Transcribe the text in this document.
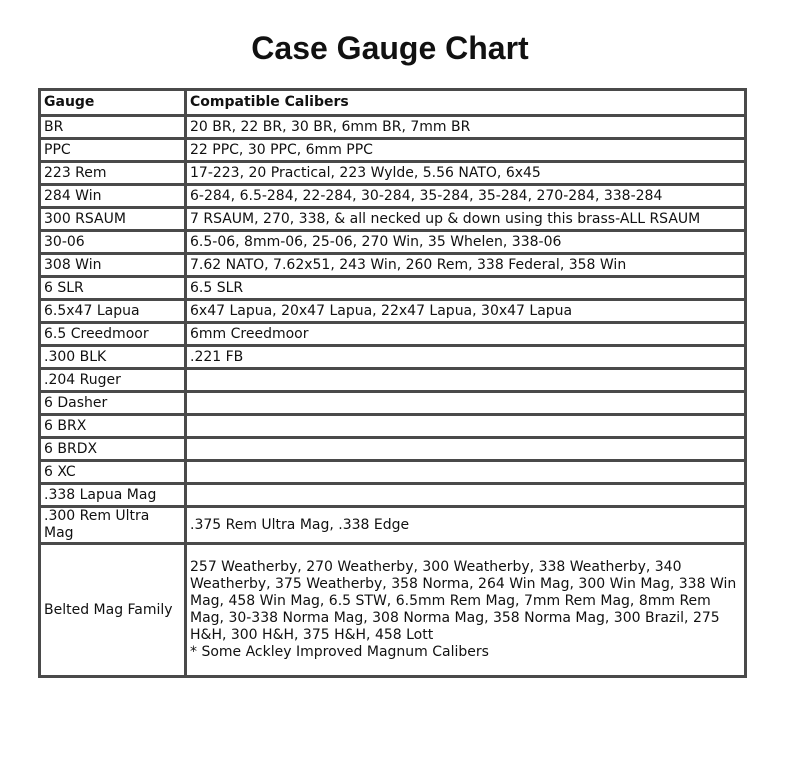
Case Gauge Chart
Gauge	Compatible Calibers
BR	20 BR, 22 BR, 30 BR, 6mm BR, 7mm BR
PPC	22 PPC, 30 PPC, 6mm PPC
223 Rem	17-223, 20 Practical, 223 Wylde, 5.56 NATO, 6x45
284 Win	6-284, 6.5-284, 22-284, 30-284, 35-284, 35-284, 270-284, 338-284
300 RSAUM	7 RSAUM, 270, 338, & all necked up & down using this brass-ALL RSAUM
30-06	6.5-06, 8mm-06, 25-06, 270 Win, 35 Whelen, 338-06
308 Win	7.62 NATO, 7.62x51, 243 Win, 260 Rem, 338 Federal, 358 Win
6 SLR	6.5 SLR
6.5x47 Lapua	6x47 Lapua, 20x47 Lapua, 22x47 Lapua, 30x47 Lapua
6.5 Creedmoor	6mm Creedmoor
.300 BLK	.221 FB
.204 Ruger	
6 Dasher	
6 BRX	
6 BRDX	
6 XC	
.338 Lapua Mag	
.300 Rem Ultra Mag	.375 Rem Ultra Mag, .338 Edge
Belted Mag Family	257 Weatherby, 270 Weatherby, 300 Weatherby, 338 Weatherby, 340 Weatherby, 375 Weatherby, 358 Norma, 264 Win Mag, 300 Win Mag, 338 Win Mag, 458 Win Mag, 6.5 STW, 6.5mm Rem Mag, 7mm Rem Mag, 8mm Rem Mag, 30-338 Norma Mag, 308 Norma Mag, 358 Norma Mag, 300 Brazil, 275 H&H, 300 H&H, 375 H&H, 458 Lott
* Some Ackley Improved Magnum Calibers
